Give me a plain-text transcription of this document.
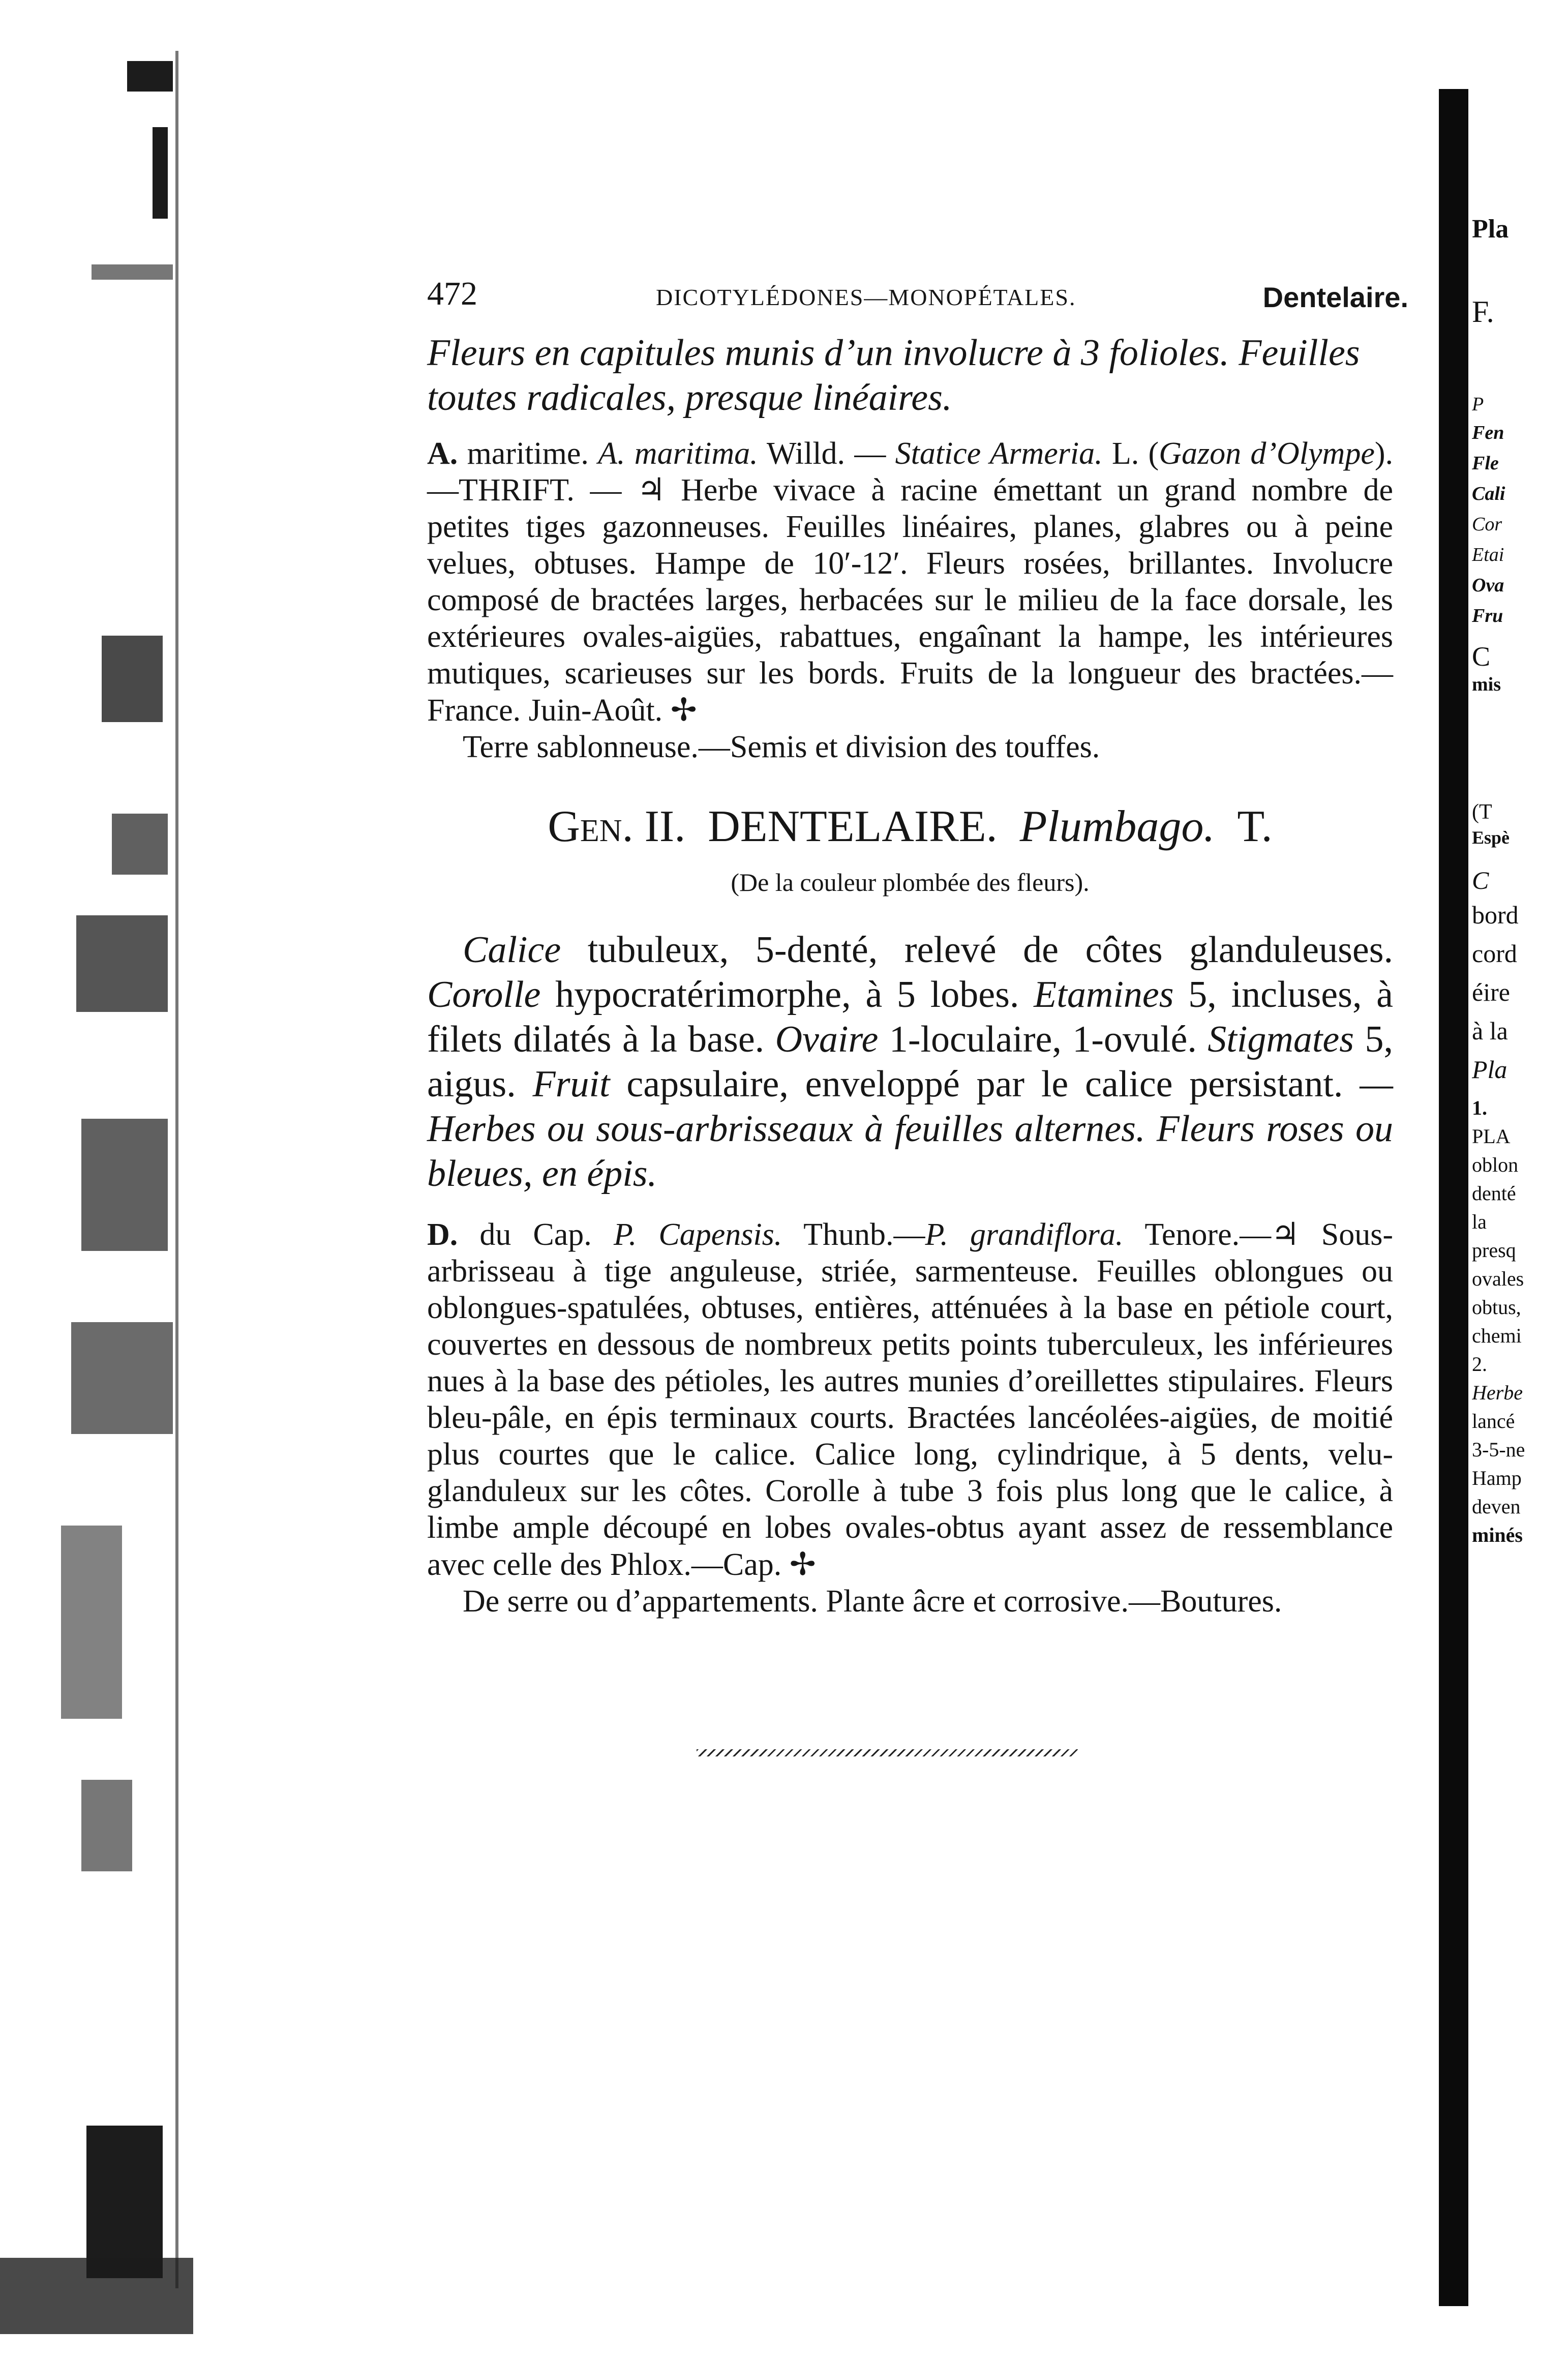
Pla
F.
P
Fen
Fle
Cali
Cor
Etai
Ova
Fru
C
mis
(T
Espè
C
bord
cord
éire
à la
Pla
1.
PLA
oblon
denté
la
presq
ovales
obtus,
chemi
2.
Herbe
lancé
3-5-ne
Hamp
deven
minés
472	DICOTYLÉDONES—MONOPÉTALES.	Dentelaire.

Fleurs en capitules munis d’un involucre à 3 folioles. Feuilles toutes radicales, presque linéaires.

A. maritime. A. maritima. Willd. — Statice Armeria. L. (Gazon d’Olympe).—THRIFT. — ♃ Herbe vivace à racine émettant un grand nombre de petites tiges gazonneuses. Feuilles linéaires, planes, glabres ou à peine velues, obtuses. Hampe de 10′-12′. Fleurs rosées, brillantes. Involucre composé de bractées larges, herbacées sur le milieu de la face dorsale, les extérieures ovales-aigües, rabattues, engaînant la hampe, les intérieures mutiques, scarieuses sur les bords. Fruits de la longueur des bractées.—France. Juin-Août. ✢

Terre sablonneuse.—Semis et division des touffes.

Gen. II. DENTELAIRE. Plumbago. T.
(De la couleur plombée des fleurs).

Calice tubuleux, 5-denté, relevé de côtes glanduleuses. Corolle hypocratérimorphe, à 5 lobes. Etamines 5, incluses, à filets dilatés à la base. Ovaire 1-loculaire, 1-ovulé. Stigmates 5, aigus. Fruit capsulaire, enveloppé par le calice persistant. —Herbes ou sous-arbrisseaux à feuilles alternes. Fleurs roses ou bleues, en épis.

D. du Cap. P. Capensis. Thunb.—P. grandiflora. Tenore.—♃ Sous-arbrisseau à tige anguleuse, striée, sarmenteuse. Feuilles oblongues ou oblongues-spatulées, obtuses, entières, atténuées à la base en pétiole court, couvertes en dessous de nombreux petits points tuberculeux, les inférieures nues à la base des pétioles, les autres munies d’oreillettes stipulaires. Fleurs bleu-pâle, en épis terminaux courts. Bractées lancéolées-aigües, de moitié plus courtes que le calice. Calice long, cylindrique, à 5 dents, velu-glanduleux sur les côtes. Corolle à tube 3 fois plus long que le calice, à limbe ample découpé en lobes ovales-obtus ayant assez de ressemblance avec celle des Phlox.—Cap. ✢

De serre ou d’appartements. Plante âcre et corrosive.—Boutures.
